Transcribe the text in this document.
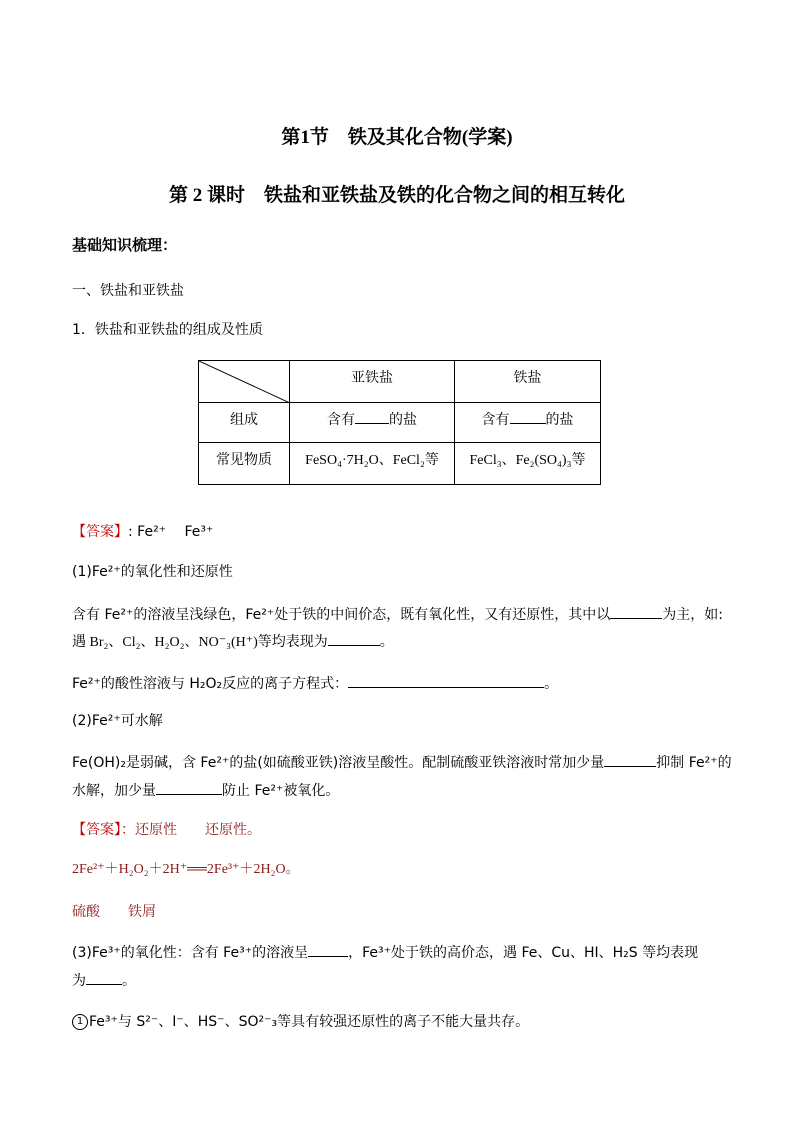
第1节　铁及其化合物(学案)
第 2 课时　铁盐和亚铁盐及铁的化合物之间的相互转化
基础知识梳理：
一、铁盐和亚铁盐
1．铁盐和亚铁盐的组成及性质
	亚铁盐	铁盐
组成	含有 的盐	含有 的盐
常见物质	FeSO₄·7H₂O、FeCl₂等	FeCl₃、Fe₂(SO₄)₃等
【答案】: Fe²⁺　 Fe³⁺
(1)Fe²⁺的氧化性和还原性
含有 Fe²⁺的溶液呈浅绿色，Fe²⁺处于铁的中间价态，既有氧化性，又有还原性，其中以	为主，如:
遇 Br₂、Cl₂、H₂O₂、NO⁻₃(H⁺)等均表现为	。
Fe²⁺的酸性溶液与 H₂O₂反应的离子方程式：	。
(2)Fe²⁺可水解
Fe(OH)₂是弱碱，含 Fe²⁺的盐(如硫酸亚铁)溶液呈酸性。配制硫酸亚铁溶液时常加少量	抑制 Fe²⁺的
水解，加少量	防止 Fe²⁺被氧化。
【答案】：还原性　　还原性。
2Fe²⁺＋H₂O₂＋2H⁺══2Fe³⁺＋2H₂O。
硫酸　　铁屑
(3)Fe³⁺的氧化性：含有 Fe³⁺的溶液呈	，Fe³⁺处于铁的高价态，遇 Fe、Cu、HI、H₂S 等均表现
为	。
1 Fe³⁺与 S²⁻、I⁻、HS⁻、SO²⁻₃等具有较强还原性的离子不能大量共存。
